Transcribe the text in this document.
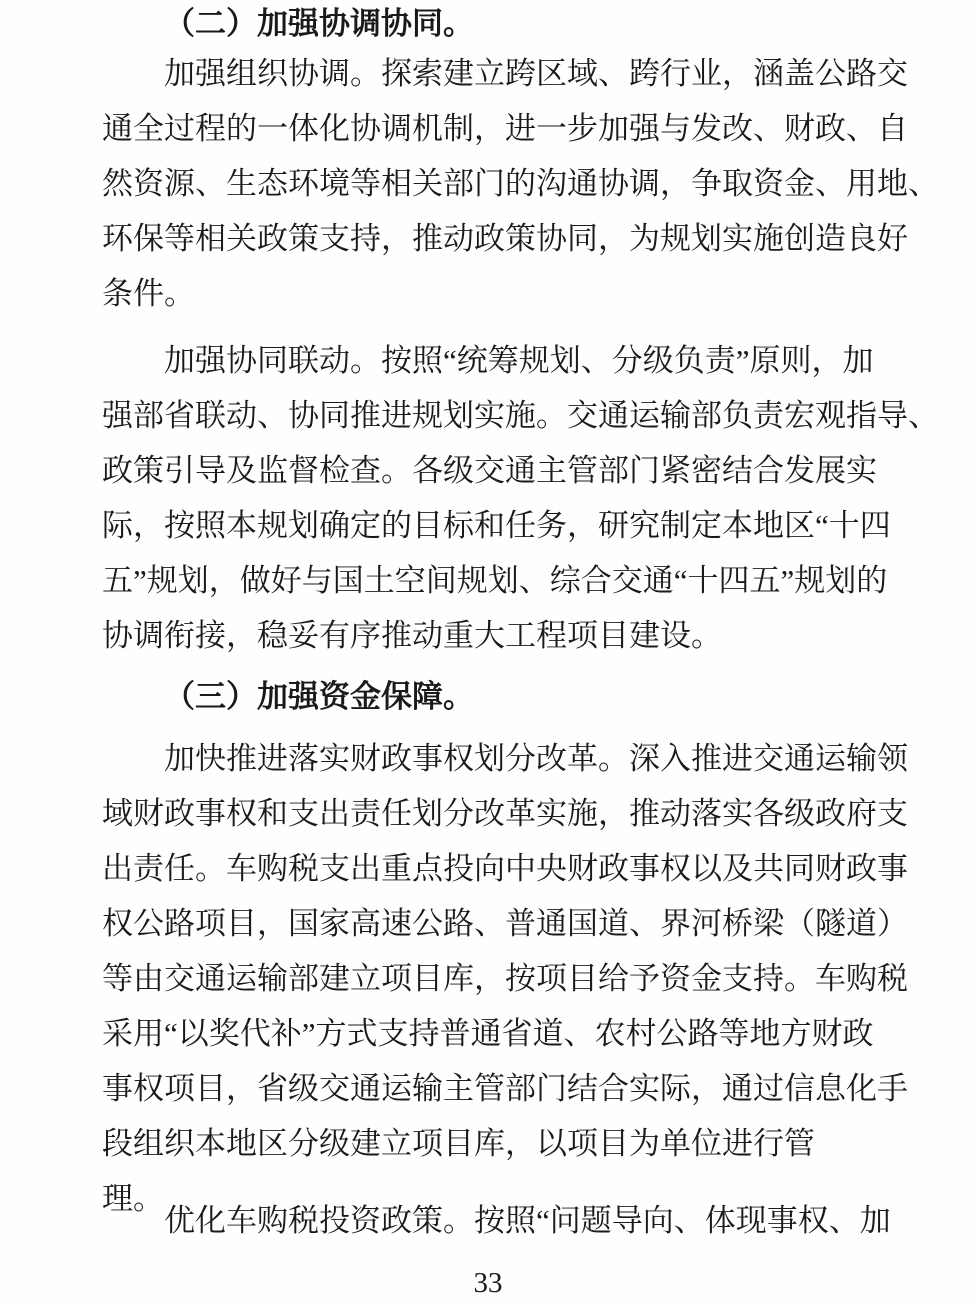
（二）加强协调协同。
加强组织协调。探索建立跨区域、跨行业，涵盖公路交
通全过程的一体化协调机制，进一步加强与发改、财政、自
然资源、生态环境等相关部门的沟通协调，争取资金、用地、
环保等相关政策支持，推动政策协同，为规划实施创造良好
条件。
加强协同联动。按照“统筹规划、分级负责”原则，加
强部省联动、协同推进规划实施。交通运输部负责宏观指导、
政策引导及监督检查。各级交通主管部门紧密结合发展实
际，按照本规划确定的目标和任务，研究制定本地区“十四
五”规划，做好与国土空间规划、综合交通“十四五”规划的
协调衔接，稳妥有序推动重大工程项目建设。
（三）加强资金保障。
加快推进落实财政事权划分改革。深入推进交通运输领
域财政事权和支出责任划分改革实施，推动落实各级政府支
出责任。车购税支出重点投向中央财政事权以及共同财政事
权公路项目，国家高速公路、普通国道、界河桥梁（隧道）
等由交通运输部建立项目库，按项目给予资金支持。车购税
采用“以奖代补”方式支持普通省道、农村公路等地方财政
事权项目，省级交通运输主管部门结合实际，通过信息化手
段组织本地区分级建立项目库，以项目为单位进行管理。
优化车购税投资政策。按照“问题导向、体现事权、加
33
